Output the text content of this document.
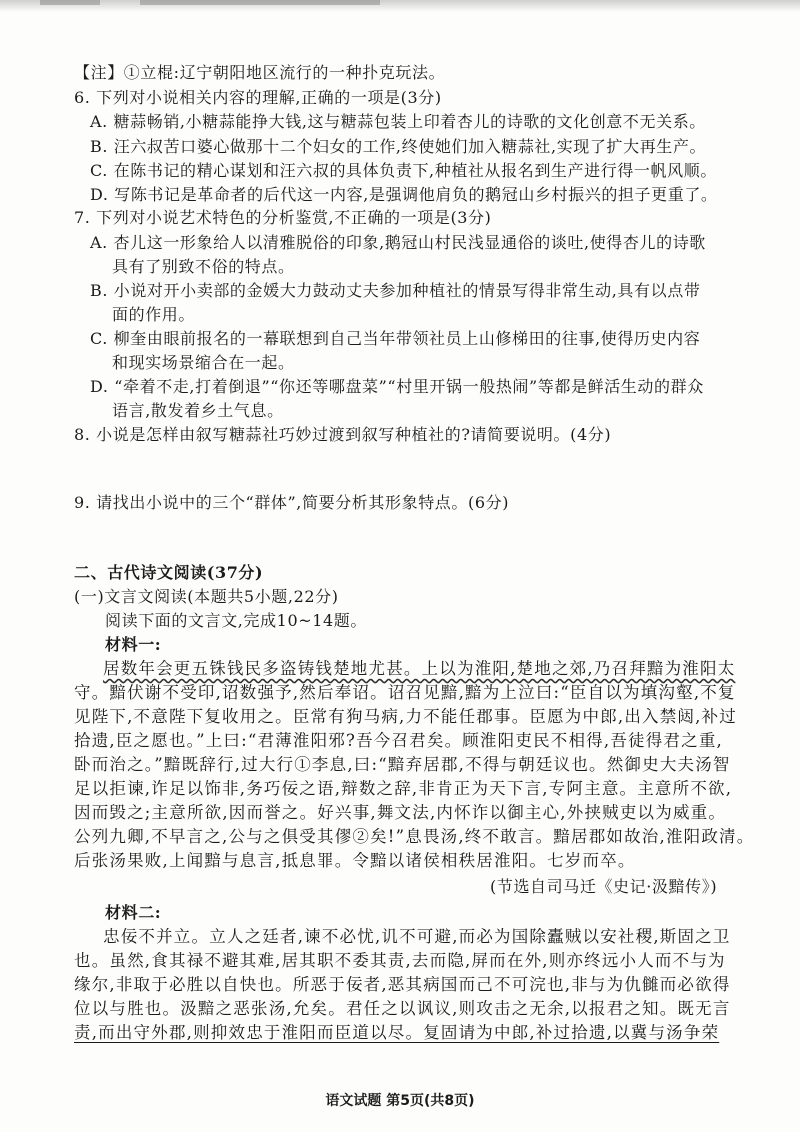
【注】①立棍:辽宁朝阳地区流行的一种扑克玩法。
6. 下列对小说相关内容的理解,正确的一项是(3分)
A. 糖蒜畅销,小糖蒜能挣大钱,这与糖蒜包装上印着杏儿的诗歌的文化创意不无关系。
B. 汪六叔苦口婆心做那十二个妇女的工作,终使她们加入糖蒜社,实现了扩大再生产。
C. 在陈书记的精心谋划和汪六叔的具体负责下,种植社从报名到生产进行得一帆风顺。
D. 写陈书记是革命者的后代这一内容,是强调他肩负的鹅冠山乡村振兴的担子更重了。
7. 下列对小说艺术特色的分析鉴赏,不正确的一项是(3分)
A. 杏儿这一形象给人以清雅脱俗的印象,鹅冠山村民浅显通俗的谈吐,使得杏儿的诗歌
具有了别致不俗的特点。
B. 小说对开小卖部的金媛大力鼓动丈夫参加种植社的情景写得非常生动,具有以点带
面的作用。
C. 柳奎由眼前报名的一幕联想到自己当年带领社员上山修梯田的往事,使得历史内容
和现实场景缩合在一起。
D. “牵着不走,打着倒退”“你还等哪盘菜”“村里开锅一般热闹”等都是鲜活生动的群众
语言,散发着乡土气息。
8. 小说是怎样由叙写糖蒜社巧妙过渡到叙写种植社的?请简要说明。(4分)
9. 请找出小说中的三个“群体”,简要分析其形象特点。(6分)
二、古代诗文阅读(37分)
(一)文言文阅读(本题共5小题,22分)
阅读下面的文言文,完成10~14题。
材料一:
居数年会更五铢钱民多盗铸钱楚地尤甚。上以为淮阳,楚地之郊,乃召拜黯为淮阳太
守。黯伏谢不受印,诏数强予,然后奉诏。诏召见黯,黯为上泣曰:“臣自以为填沟壑,不复
见陛下,不意陛下复收用之。臣常有狗马病,力不能任郡事。臣愿为中郎,出入禁闼,补过
拾遗,臣之愿也。”上曰:“君薄淮阳邪?吾今召君矣。顾淮阳吏民不相得,吾徒得君之重,
卧而治之。”黯既辞行,过大行①李息,曰:“黯弃居郡,不得与朝廷议也。然御史大夫汤智
足以拒谏,诈足以饰非,务巧佞之语,辩数之辞,非肯正为天下言,专阿主意。主意所不欲,
因而毁之;主意所欲,因而誉之。好兴事,舞文法,内怀诈以御主心,外挟贼吏以为威重。
公列九卿,不早言之,公与之俱受其僇②矣!”息畏汤,终不敢言。黯居郡如故治,淮阳政清。
后张汤果败,上闻黯与息言,抵息罪。令黯以诸侯相秩居淮阳。七岁而卒。
(节选自司马迁《史记·汲黯传》)
材料二:
忠佞不并立。立人之廷者,谏不必忧,讥不可避,而必为国除蠹贼以安社稷,斯固之卫
也。虽然,食其禄不避其难,居其职不委其责,去而隐,屏而在外,则亦终远小人而不与为
缘尔,非取于必胜以自快也。所恶于佞者,恶其病国而己不可浣也,非与为仇雠而必欲得
位以与胜也。汲黯之恶张汤,允矣。君任之以讽议,则攻击之无余,以报君之知。既无言
责,而出守外郡,则抑效忠于淮阳而臣道以尽。复固请为中郎,补过拾遗,以冀与汤争荣
语文试题 第5页(共8页)
